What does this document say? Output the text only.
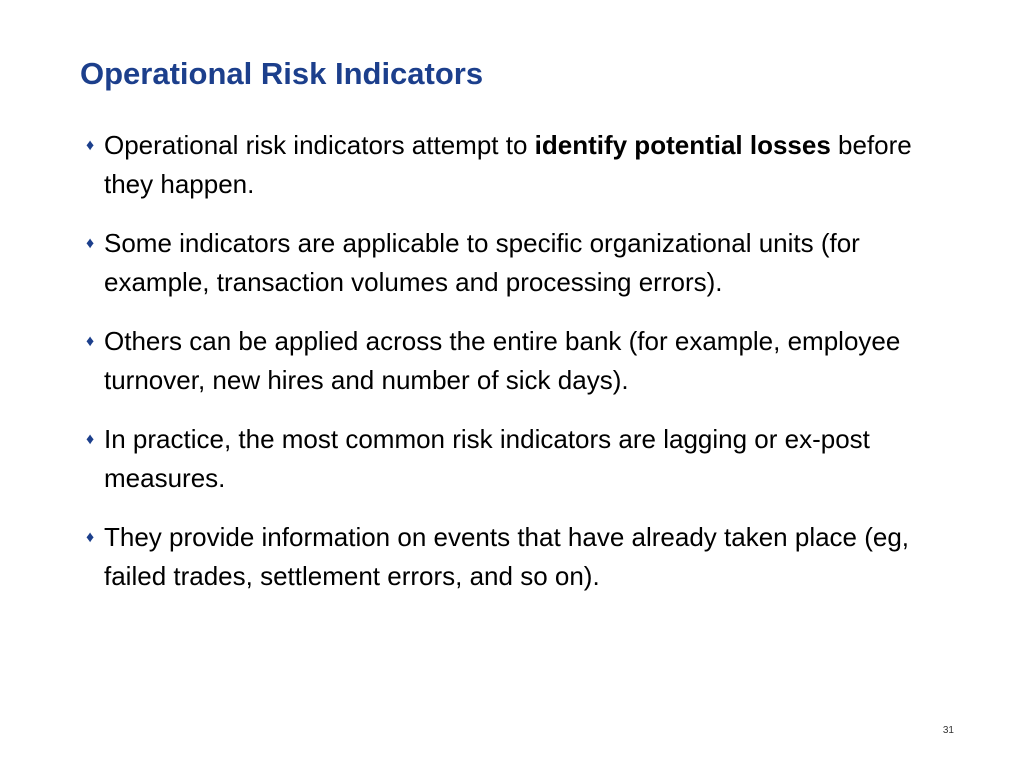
Operational Risk Indicators
♦ Operational risk indicators attempt to identify potential losses before they happen.
♦ Some indicators are applicable to specific organizational units (for example, transaction volumes and processing errors).
♦ Others can be applied across the entire bank (for example, employee turnover, new hires and number of sick days).
♦ In practice, the most common risk indicators are lagging or ex-post measures.
♦ They provide information on events that have already taken place (eg, failed trades, settlement errors, and so on).
31
